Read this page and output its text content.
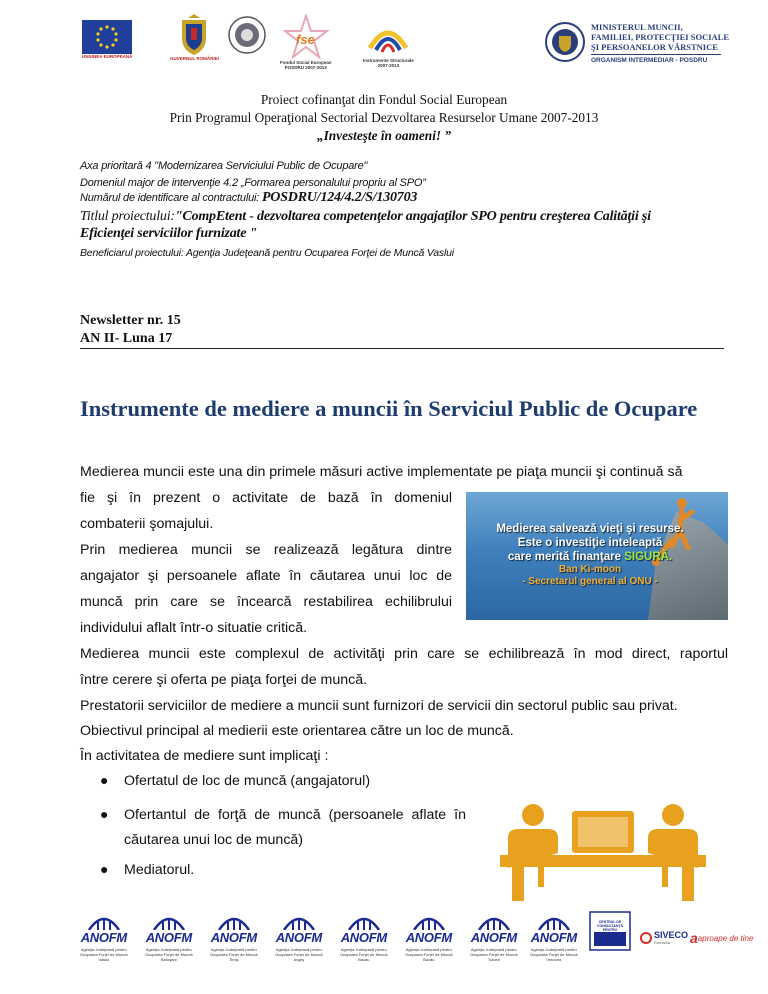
UNIUNEA EUROPEANĂ	GUVERNUL ROMÂNIEI
fse
Fondul Social European
POSDRU 2007-2013
Instrumente Structurale
2007-2013
MINISTERUL MUNCII,
FAMILIEI, PROTECŢIEI SOCIALE
ŞI PERSOANELOR VÂRSTNICE
ORGANISM INTERMEDIAR - POSDRU
Proiect cofinanţat din Fondul Social European
Prin Programul Operaţional Sectorial Dezvoltarea Resurselor Umane 2007-2013
„Investeşte în oameni! ”
Axa prioritară 4 "Modernizarea Serviciului Public de Ocupare"
Domeniul major de intervenţie 4.2 „Formarea personalului propriu al SPO”
Numărul de identificare al contractului: POSDRU/124/4.2/S/130703
Titlul proiectului:"CompEtent - dezvoltarea competenţelor angajaţilor SPO pentru creşterea Calităţii şi
Eficienţei serviciilor furnizate "
Beneficiarul proiectului: Agenţia Judeţeană pentru Ocuparea Forţei de Muncă Vaslui
Newsletter nr. 15
AN II- Luna 17
Instrumente de mediere a muncii în Serviciul Public de Ocupare
Medierea muncii este una din primele măsuri active implementate pe piaţa muncii şi continuă să
fie şi în prezent o activitate de bază în domeniul
combaterii şomajului.
Prin medierea muncii se realizează legătura dintre
angajator şi persoanele aflate în căutarea unui loc de
muncă prin care se încearcă restabilirea echilibrului
individului aflalt într-o situatie critică.
Medierea muncii este complexul de activităţi prin care se echilibrează în mod direct, raportul
între cerere şi oferta pe piaţa forţei de muncă.
Prestatorii serviciilor de mediere a muncii sunt furnizori de servicii din sectorul public sau privat.
Obiectivul principal al medierii este orientarea către un loc de muncă.
În activitatea de mediere sunt implicaţi :
● Ofertatul de loc de muncă (angajatorul)
● Ofertantul de forţă de muncă (persoanele aflate în
căutarea unui loc de muncă)
● Mediatorul.
Medierea salvează vieţi şi resurse.
Este o investiţie inteleaptă
care merită finanţare SIGURĂ.
Ban Ki-moon
- Secretarul general al ONU -
ANOFM
Agenţia Judeţeană pentru
Ocuparea Forţei de Muncă
Vaslui
ANOFM
Agenţia Judeţeană pentru
Ocuparea Forţei de Muncă
Botoşani
ANOFM
Agenţia Judeţeană pentru
Ocuparea Forţei de Muncă
Timiş
ANOFM
Agenţia Judeţeană pentru
Ocuparea Forţei de Muncă
Argeş
ANOFM
Agenţia Judeţeană pentru
Ocuparea Forţei de Muncă
Bacău
ANOFM
Agenţia Judeţeană pentru
Ocuparea Forţei de Muncă
Buzău
ANOFM
Agenţia Judeţeană pentru
Ocuparea Forţei de Muncă
Tulcea
ANOFM
Agenţia Judeţeană pentru
Ocuparea Forţei de Muncă
Vrancea
CENTRUL DE
CONSULTANŢĂ
PENTRU ADMINISTRAŢII	SIVECO
Romania	a aproape de tine
